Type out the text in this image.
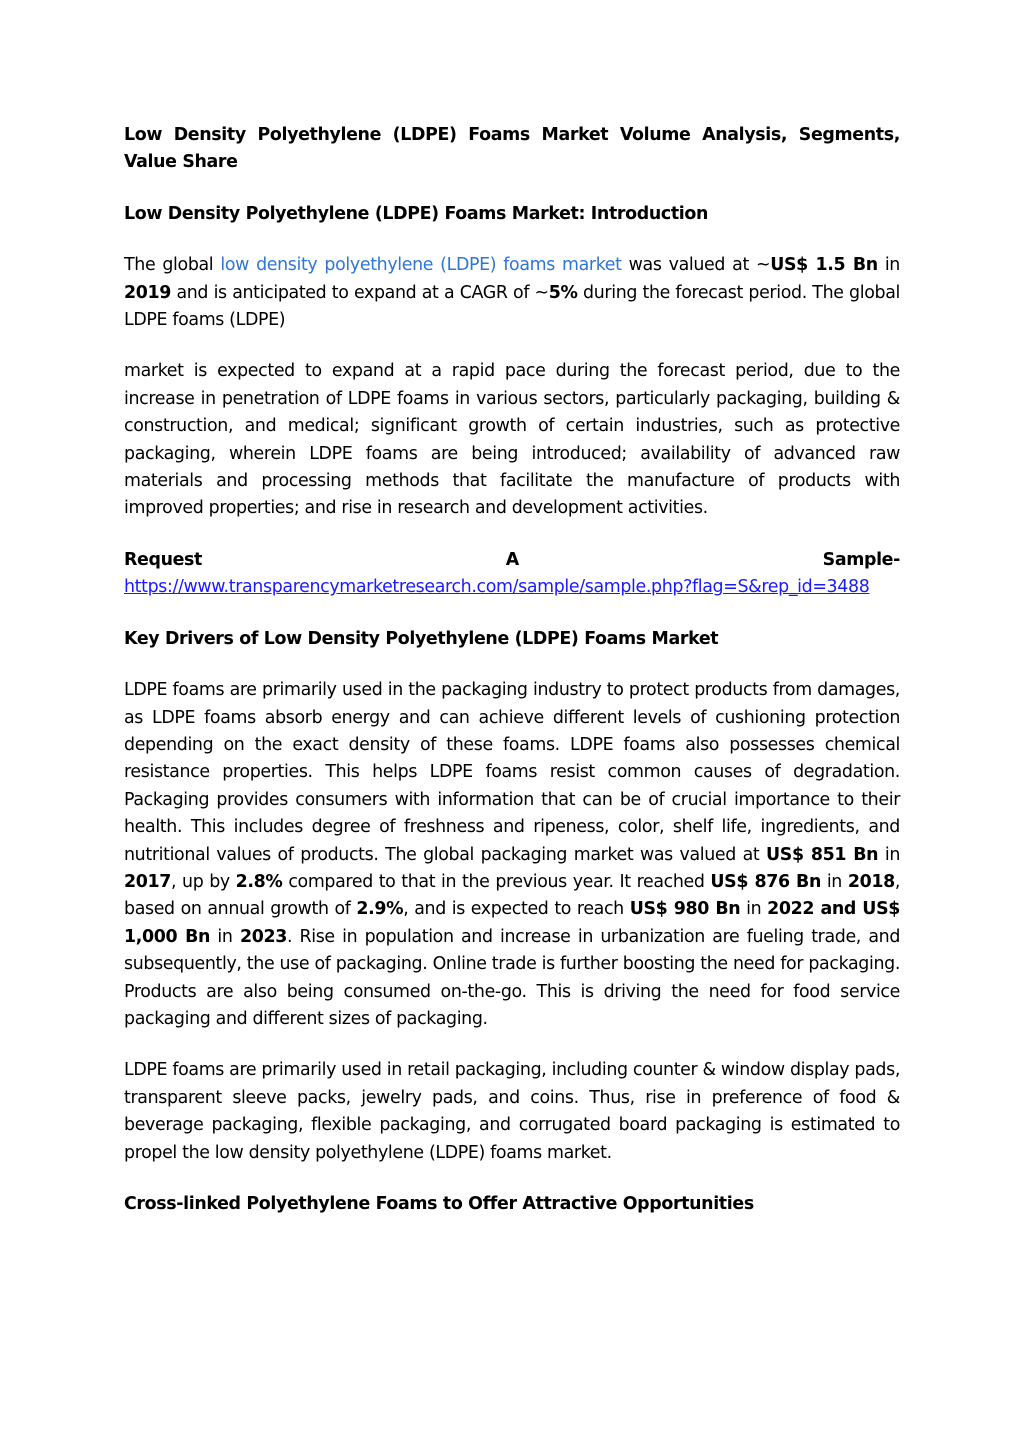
Low Density Polyethylene (LDPE) Foams Market Volume Analysis, Segments, Value Share
Low Density Polyethylene (LDPE) Foams Market: Introduction

The global low density polyethylene (LDPE) foams market was valued at ~US$ 1.5 Bn in 2019 and is anticipated to expand at a CAGR of ~5% during the forecast period. The global LDPE foams (LDPE)

market is expected to expand at a rapid pace during the forecast period, due to the increase in penetration of LDPE foams in various sectors, particularly packaging, building & construction, and medical; significant growth of certain industries, such as protective packaging, wherein LDPE foams are being introduced; availability of advanced raw materials and processing methods that facilitate the manufacture of products with improved properties; and rise in research and development activities.

Request	A	Sample-
https://www.transparencymarketresearch.com/sample/sample.php?flag=S&rep_id=3488
Key Drivers of Low Density Polyethylene (LDPE) Foams Market

LDPE foams are primarily used in the packaging industry to protect products from damages, as LDPE foams absorb energy and can achieve different levels of cushioning protection depending on the exact density of these foams. LDPE foams also possesses chemical resistance properties. This helps LDPE foams resist common causes of degradation. Packaging provides consumers with information that can be of crucial importance to their health. This includes degree of freshness and ripeness, color, shelf life, ingredients, and nutritional values of products. The global packaging market was valued at US$ 851 Bn in 2017, up by 2.8% compared to that in the previous year. It reached US$ 876 Bn in 2018, based on annual growth of 2.9%, and is expected to reach US$ 980 Bn in 2022 and US$ 1,000 Bn in 2023. Rise in population and increase in urbanization are fueling trade, and subsequently, the use of packaging. Online trade is further boosting the need for packaging. Products are also being consumed on-the-go. This is driving the need for food service packaging and different sizes of packaging.

LDPE foams are primarily used in retail packaging, including counter & window display pads, transparent sleeve packs, jewelry pads, and coins. Thus, rise in preference of food & beverage packaging, flexible packaging, and corrugated board packaging is estimated to propel the low density polyethylene (LDPE) foams market.

Cross-linked Polyethylene Foams to Offer Attractive Opportunities
